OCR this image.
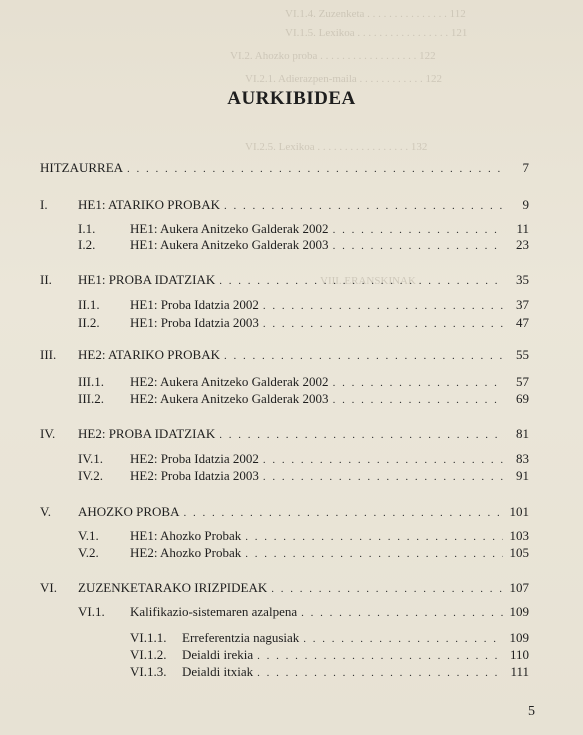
VI.1.4. Zuzenketa . . . . . . . . . . . . . . . 112
VI.1.5. Lexikoa . . . . . . . . . . . . . . . . . 121
VI.2. Ahozko proba . . . . . . . . . . . . . . . . . . 122
VI.2.1. Adierazpen-maila . . . . . . . . . . . . 122
VI.2.5. Lexikoa . . . . . . . . . . . . . . . . . 132
VIII. ERANSKINAK
AURKIBIDEA
HITZAURREA . . .	7
I.	HE1: ATARIKO PROBAK . . .	9
I.1.	HE1: Aukera Anitzeko Galderak 2002 . . .	11
I.2.	HE1: Aukera Anitzeko Galderak 2003 . . .	23
II.	HE1: PROBA IDATZIAK . . .	35
II.1.	HE1: Proba Idatzia 2002 . . .	37
II.2.	HE1: Proba Idatzia 2003 . . .	47
III.	HE2: ATARIKO PROBAK . . .	55
III.1.	HE2: Aukera Anitzeko Galderak 2002 . . .	57
III.2.	HE2: Aukera Anitzeko Galderak 2003 . . .	69
IV.	HE2: PROBA IDATZIAK . . .	81
IV.1.	HE2: Proba Idatzia 2002 . . .	83
IV.2.	HE2: Proba Idatzia 2003 . . .	91
V.	AHOZKO PROBA . . .	101
V.1.	HE1: Ahozko Probak . . .	103
V.2.	HE2: Ahozko Probak . . .	105
VI.	ZUZENKETARAKO IRIZPIDEAK . . .	107
VI.1.	Kalifikazio-sistemaren azalpena . . .	109
VI.1.1.	Erreferentzia nagusiak . . .	109
VI.1.2.	Deialdi irekia . . .	110
VI.1.3.	Deialdi itxiak . . .	111
5
